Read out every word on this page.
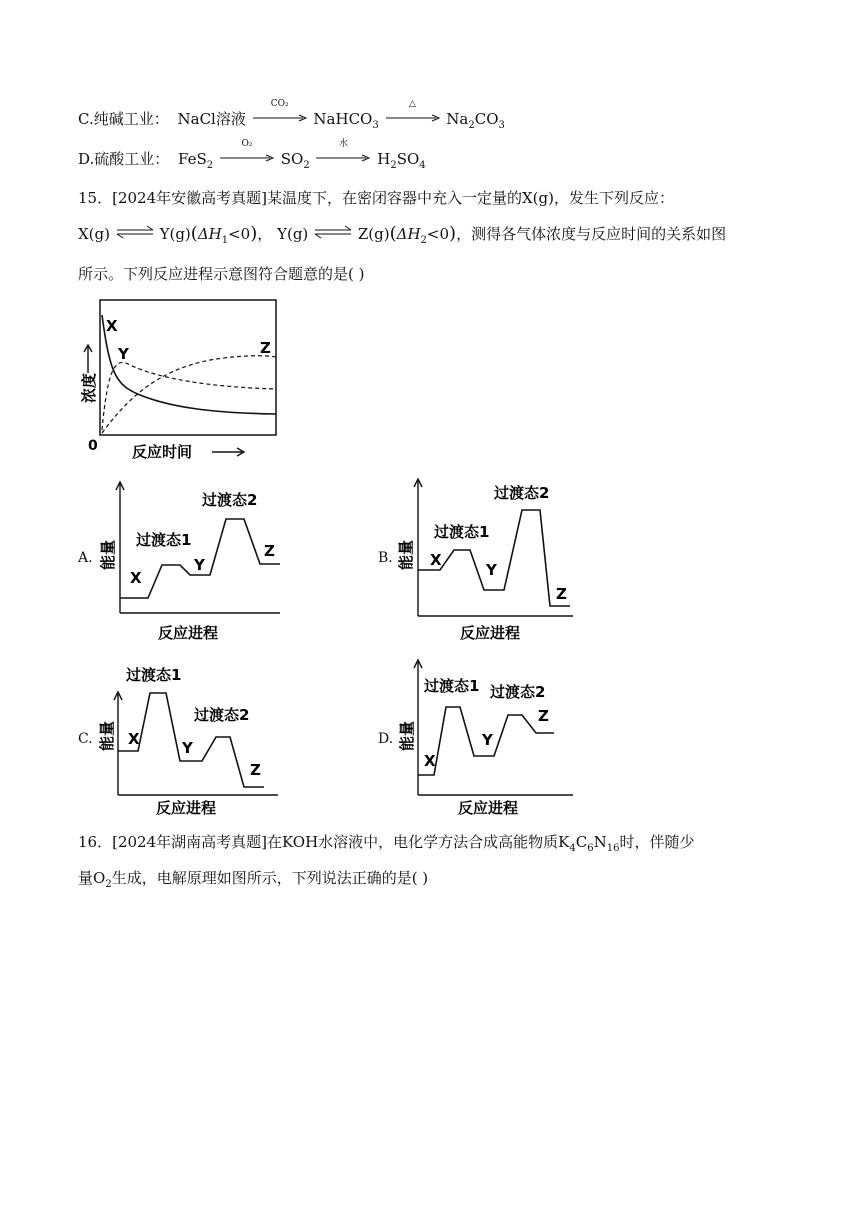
C.纯碱工业： NaCl溶液
CO₂
NaHCO$_3$
△
$Na_2CO_3$
D.硫酸工业： FeS$_2$
O₂
$SO_2$
水
$H_2SO_4$
15．[2024年安徽高考真题]某温度下，在密闭容器中充入一定量的X(g)，发生下列反应：
X(g) ⇌ $Y(g)(\Delta H_1<0)$， Y(g) ⇌ $Z(g)(\Delta H_2<0)$，测得各气体浓度与反应时间的关系如图
所示。下列反应进程示意图符合题意的是( )
X
Y	Z
0 反应时间
浓度
A. 能量
X
Y
Z
过渡态1
过渡态2
反应进程
B. 能量 X
Y
Z
过渡态1
过渡态2
反应进程
C. 能量 X	Y
Z
过渡态1
过渡态2
反应进程
D. 能量
X
Y
Z
过渡态1 过渡态2
反应进程
16．[2024年湖南高考真题]在KOH水溶液中，电化学方法合成高能物质$K_4C_6N_{16}$时，伴随少
量$O_2$生成，电解原理如图所示，下列说法正确的是( )
